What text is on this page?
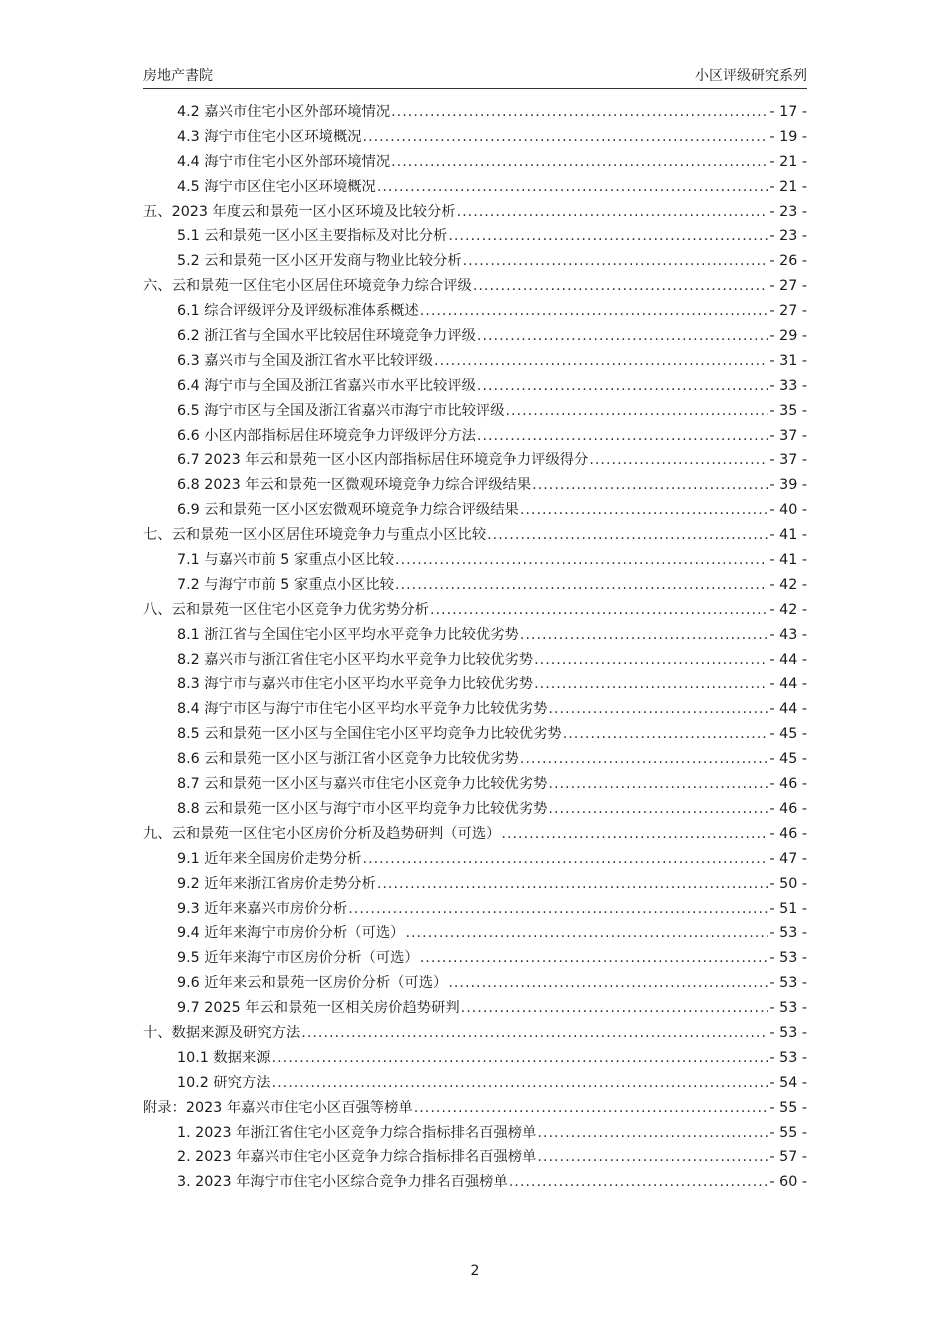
房地产書院	小区评级研究系列
4.2 嘉兴市住宅小区外部环境情况 .....	- 17 -
4.3 海宁市住宅小区环境概况 .....	- 19 -
4.4 海宁市住宅小区外部环境情况 .....	- 21 -
4.5 海宁市区住宅小区环境概况 .....	- 21 -
五、2023 年度云和景苑一区小区环境及比较分析 .....	- 23 -
5.1 云和景苑一区小区主要指标及对比分析 .....	- 23 -
5.2 云和景苑一区小区开发商与物业比较分析 .....	- 26 -
六、云和景苑一区住宅小区居住环境竞争力综合评级 .....	- 27 -
6.1 综合评级评分及评级标准体系概述 .....	- 27 -
6.2 浙江省与全国水平比较居住环境竞争力评级 .....	- 29 -
6.3 嘉兴市与全国及浙江省水平比较评级 .....	- 31 -
6.4 海宁市与全国及浙江省嘉兴市水平比较评级 .....	- 33 -
6.5 海宁市区与全国及浙江省嘉兴市海宁市比较评级 .....	- 35 -
6.6 小区内部指标居住环境竞争力评级评分方法 .....	- 37 -
6.7 2023 年云和景苑一区小区内部指标居住环境竞争力评级得分 .....	- 37 -
6.8 2023 年云和景苑一区微观环境竞争力综合评级结果 .....	- 39 -
6.9 云和景苑一区小区宏微观环境竞争力综合评级结果 .....	- 40 -
七、云和景苑一区小区居住环境竞争力与重点小区比较 .....	- 41 -
7.1 与嘉兴市前 5 家重点小区比较 .....	- 41 -
7.2 与海宁市前 5 家重点小区比较 .....	- 42 -
八、云和景苑一区住宅小区竞争力优劣势分析 .....	- 42 -
8.1 浙江省与全国住宅小区平均水平竞争力比较优劣势 .....	- 43 -
8.2 嘉兴市与浙江省住宅小区平均水平竞争力比较优劣势 .....	- 44 -
8.3 海宁市与嘉兴市住宅小区平均水平竞争力比较优劣势 .....	- 44 -
8.4 海宁市区与海宁市住宅小区平均水平竞争力比较优劣势 .....	- 44 -
8.5 云和景苑一区小区与全国住宅小区平均竞争力比较优劣势 .....	- 45 -
8.6 云和景苑一区小区与浙江省小区竞争力比较优劣势 .....	- 45 -
8.7 云和景苑一区小区与嘉兴市住宅小区竞争力比较优劣势 .....	- 46 -
8.8 云和景苑一区小区与海宁市小区平均竞争力比较优劣势 .....	- 46 -
九、云和景苑一区住宅小区房价分析及趋势研判（可选） .....	- 46 -
9.1 近年来全国房价走势分析 .....	- 47 -
9.2 近年来浙江省房价走势分析 .....	- 50 -
9.3 近年来嘉兴市房价分析 .....	- 51 -
9.4 近年来海宁市房价分析（可选） .....	- 53 -
9.5 近年来海宁市区房价分析（可选） .....	- 53 -
9.6 近年来云和景苑一区房价分析（可选） .....	- 53 -
9.7 2025 年云和景苑一区相关房价趋势研判 .....	- 53 -
十、数据来源及研究方法 .....	- 53 -
10.1 数据来源 .....	- 53 -
10.2 研究方法 .....	- 54 -
附录：2023 年嘉兴市住宅小区百强等榜单 .....	- 55 -
1. 2023 年浙江省住宅小区竞争力综合指标排名百强榜单 .....	- 55 -
2. 2023 年嘉兴市住宅小区竞争力综合指标排名百强榜单 .....	- 57 -
3. 2023 年海宁市住宅小区综合竞争力排名百强榜单 .....	- 60 -
2
